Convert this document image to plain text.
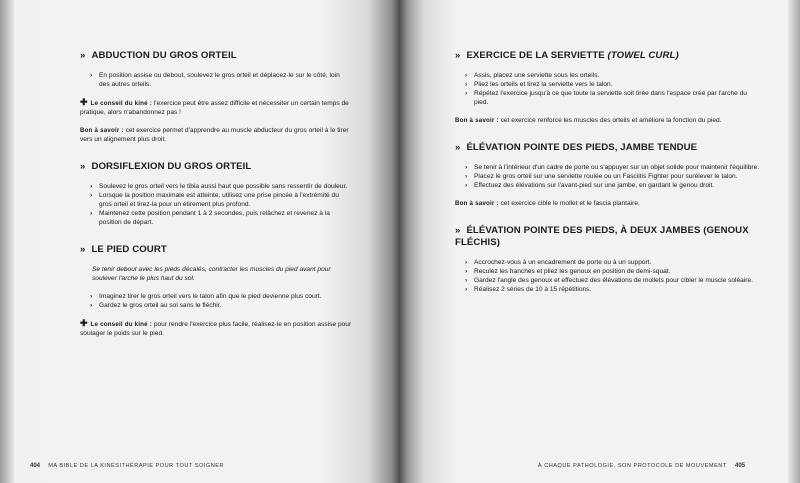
» ABDUCTION DU GROS ORTEIL
› En position assise ou debout, soulevez le gros orteil et déplacez-le sur le côté, loin des autres orteils.

✚ Le conseil du kiné : l'exercice peut être assez difficile et nécessiter un certain temps de pratique, alors n'abandonnez pas !

Bon à savoir : cet exercice permet d'apprendre au muscle abducteur du gros orteil à le tirer vers un alignement plus droit.

» DORSIFLEXION DU GROS ORTEIL
› Soulevez le gros orteil vers le tibia aussi haut que possible sans ressentir de douleur.
› Lorsque la position maximale est atteinte, utilisez une prise pincée à l'extrémité du gros orteil et tirez-la pour un étirement plus profond.
› Maintenez cette position pendant 1 à 2 secondes, puis relâchez et revenez à la position de départ.
» LE PIED COURT

Se tenir debout avec les pieds décalés, contracter les muscles du pied avant pour soulever l'arche le plus haut du sol.

› Imaginez tirer le gros orteil vers le talon afin que le pied devienne plus court.
› Gardez le gros orteil au sol sans le fléchir.

✚ Le conseil du kiné : pour rendre l'exercice plus facile, réalisez-le en position assise pour soulager le poids sur le pied.

404 MA BIBLE DE LA KINÉSITHÉRAPIE POUR TOUT SOIGNER
» EXERCICE DE LA SERVIETTE (TOWEL CURL)
› Assis, placez une serviette sous les orteils.
› Pliez les orteils et tirez la serviette vers le talon.
› Répétez l'exercice jusqu'à ce que toute la serviette soit tirée dans l'espace créé par l'arche du pied.

Bon à savoir : cet exercice renforce les muscles des orteils et améliore la fonction du pied.

» ÉLÉVATION POINTE DES PIEDS, JAMBE TENDUE
› Se tenir à l'intérieur d'un cadre de porte ou s'appuyer sur un objet solide pour maintenir l'équilibre.
› Placez le gros orteil sur une serviette roulée ou un Fasciitis Fighter pour surélever le talon.
› Effectuez des élévations sur l'avant-pied sur une jambe, en gardant le genou droit.

Bon à savoir : cet exercice cible le mollet et le fascia plantaire.

» ÉLÉVATION POINTE DES PIEDS, À DEUX JAMBES (GENOUX FLÉCHIS)
› Accrochez-vous à un encadrement de porte ou à un support.
› Reculez les hanches et pliez les genoux en position de demi-squat.
› Gardez l'angle des genoux et effectuez des élévations de mollets pour cibler le muscle soléaire.
› Réalisez 2 séries de 10 à 15 répétitions.
À CHAQUE PATHOLOGIE, SON PROTOCOLE DE MOUVEMENT 405
